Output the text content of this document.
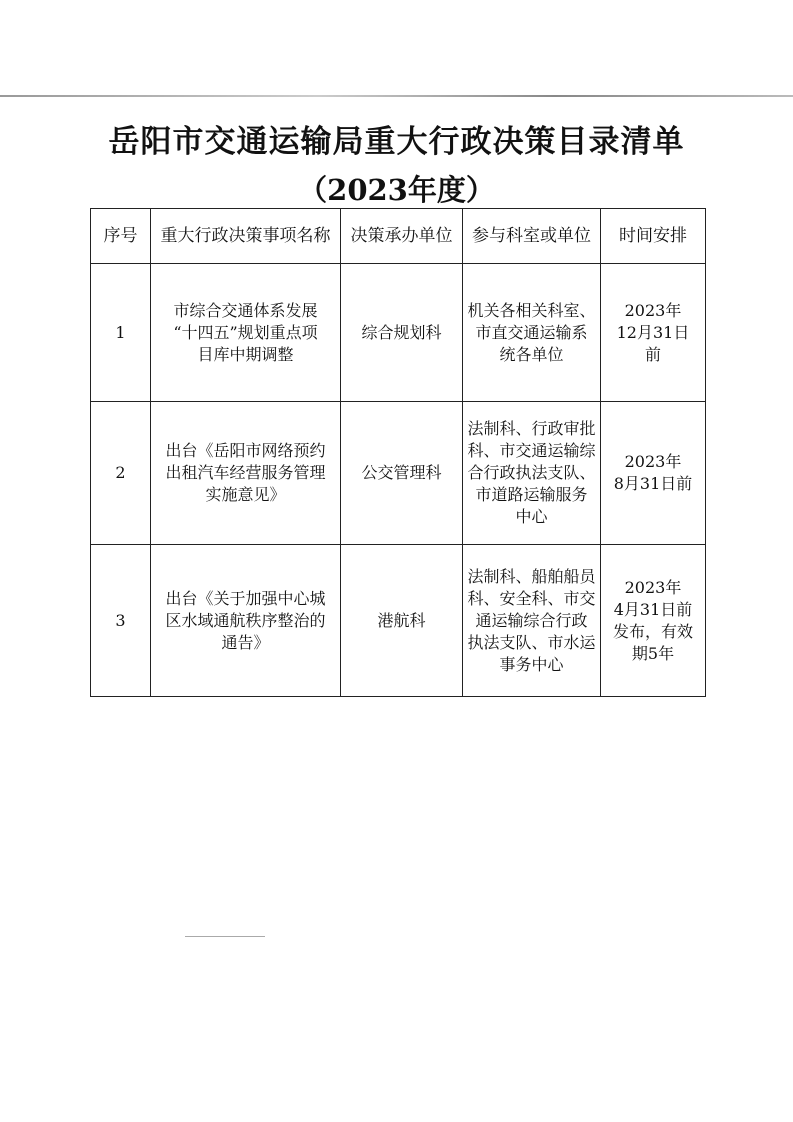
岳阳市交通运输局重大行政决策目录清单
（2023年度）
序号	重大行政决策事项名称	决策承办单位	参与科室或单位	时间安排
1	市综合交通体系发展
“十四五”规划重点项
目库中期调整	综合规划科	机关各相关科室、
市直交通运输系
统各单位	2023年
12月31日
前

2	出台《岳阳市网络预约
出租汽车经营服务管理
实施意见》	公交管理科	法制科、行政审批
科、市交通运输综
合行政执法支队、
市道路运输服务
中心	2023年
8月31日前

3	出台《关于加强中心城
区水域通航秩序整治的
通告》	港航科	法制科、船舶船员
科、安全科、市交
通运输综合行政
执法支队、市水运
事务中心	2023年
4月31日前
发布，有效
期5年
